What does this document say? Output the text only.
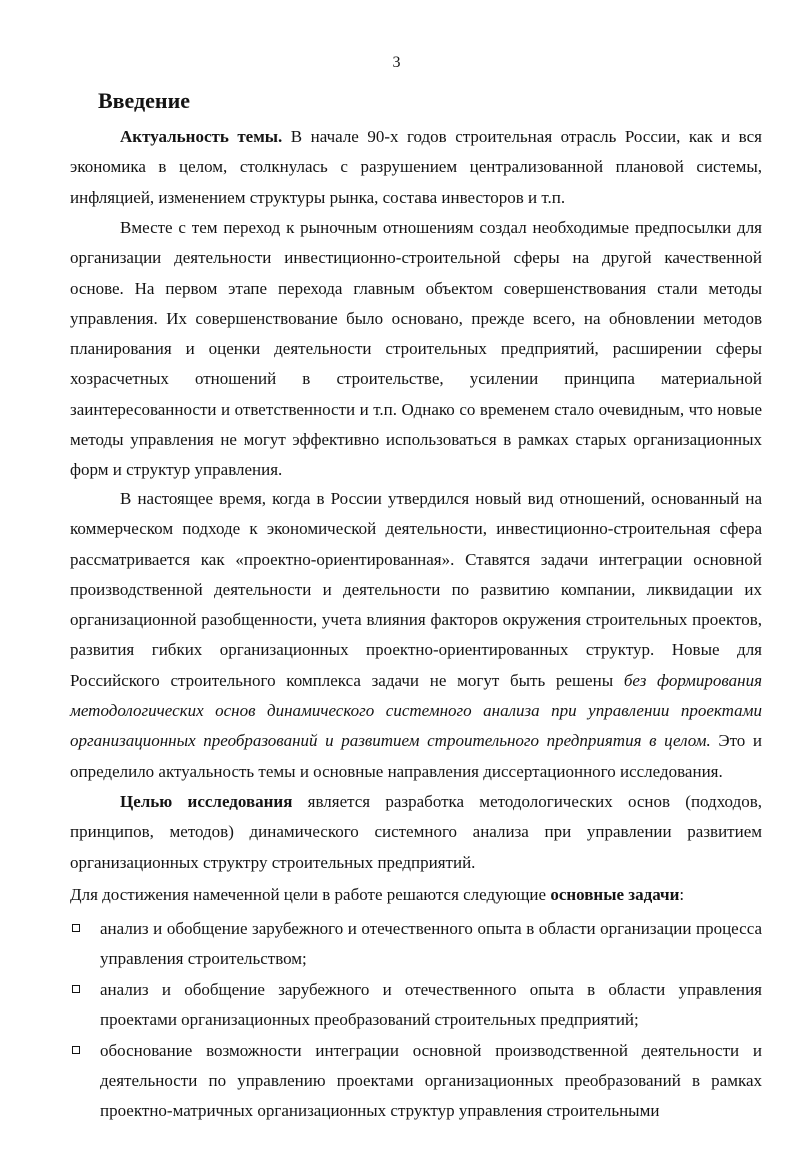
3
Введение

Актуальность темы. В начале 90-х годов строительная отрасль России, как и вся экономика в целом, столкнулась с разрушением централизованной плановой системы, инфляцией, изменением структуры рынка, состава инвесторов и т.п.

Вместе с тем переход к рыночным отношениям создал необходимые предпосылки для организации деятельности инвестиционно-строительной сферы на другой качественной основе. На первом этапе перехода главным объектом совершенствования стали методы управления. Их совершенствование было основано, прежде всего, на обновлении методов планирования и оценки деятельности строительных предприятий, расширении сферы хозрасчетных отношений в строительстве, усилении принципа материальной заинтересованности и ответственности и т.п. Однако со временем стало очевидным, что новые методы управления не могут эффективно использоваться в рамках старых организационных форм и структур управления.

В настоящее время, когда в России утвердился новый вид отношений, основанный на коммерческом подходе к экономической деятельности, инвестиционно-строительная сфера рассматривается как «проектно-ориентированная». Ставятся задачи интеграции основной производственной деятельности и деятельности по развитию компании, ликвидации их организационной разобщенности, учета влияния факторов окружения строительных проектов, развития гибких организационных проектно-ориентированных структур. Новые для Российского строительного комплекса задачи не могут быть решены без формирования методологических основ динамического системного анализа при управлении проектами организационных преобразований и развитием строительного предприятия в целом. Это и определило актуальность темы и основные направления диссертационного исследования.

Целью исследования является разработка методологических основ (подходов, принципов, методов) динамического системного анализа при управлении развитием организационных структру строительных предприятий.

Для достижения намеченной цели в работе решаются следующие основные задачи:

анализ и обобщение зарубежного и отечественного опыта в области организации процесса управления строительством;
анализ и обобщение зарубежного и отечественного опыта в области управления проектами организационных преобразований строительных предприятий;
обоснование возможности интеграции основной производственной деятельности и деятельности по управлению проектами организационных преобразований в рамках проектно-матричных организационных структур управления строительными
